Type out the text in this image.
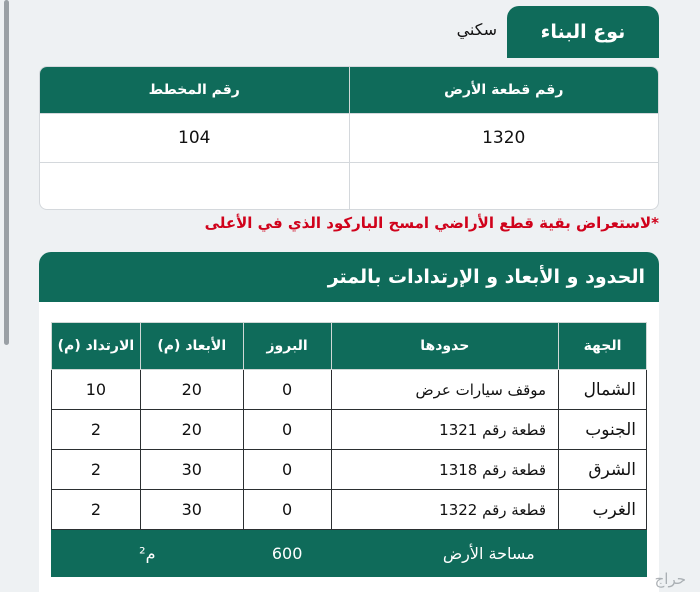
نوع البناء
سكني
رقم المخطط	رقم قطعة الأرض
104	1320
*لاستعراض بقية قطع الأراضي امسح الباركود الذي في الأعلى
الحدود و الأبعاد و الإرتدادات بالمتر
الارتداد (م)	الأبعاد (م)	البروز	حدودها	الجهة
10	20	0	موقف سيارات عرض	الشمال
2	20	0	قطعة رقم 1321	الجنوب
2	30	0	قطعة رقم 1318	الشرق
2	30	0	قطعة رقم 1322	الغرب
م²		600	مساحة الأرض	
حراج
